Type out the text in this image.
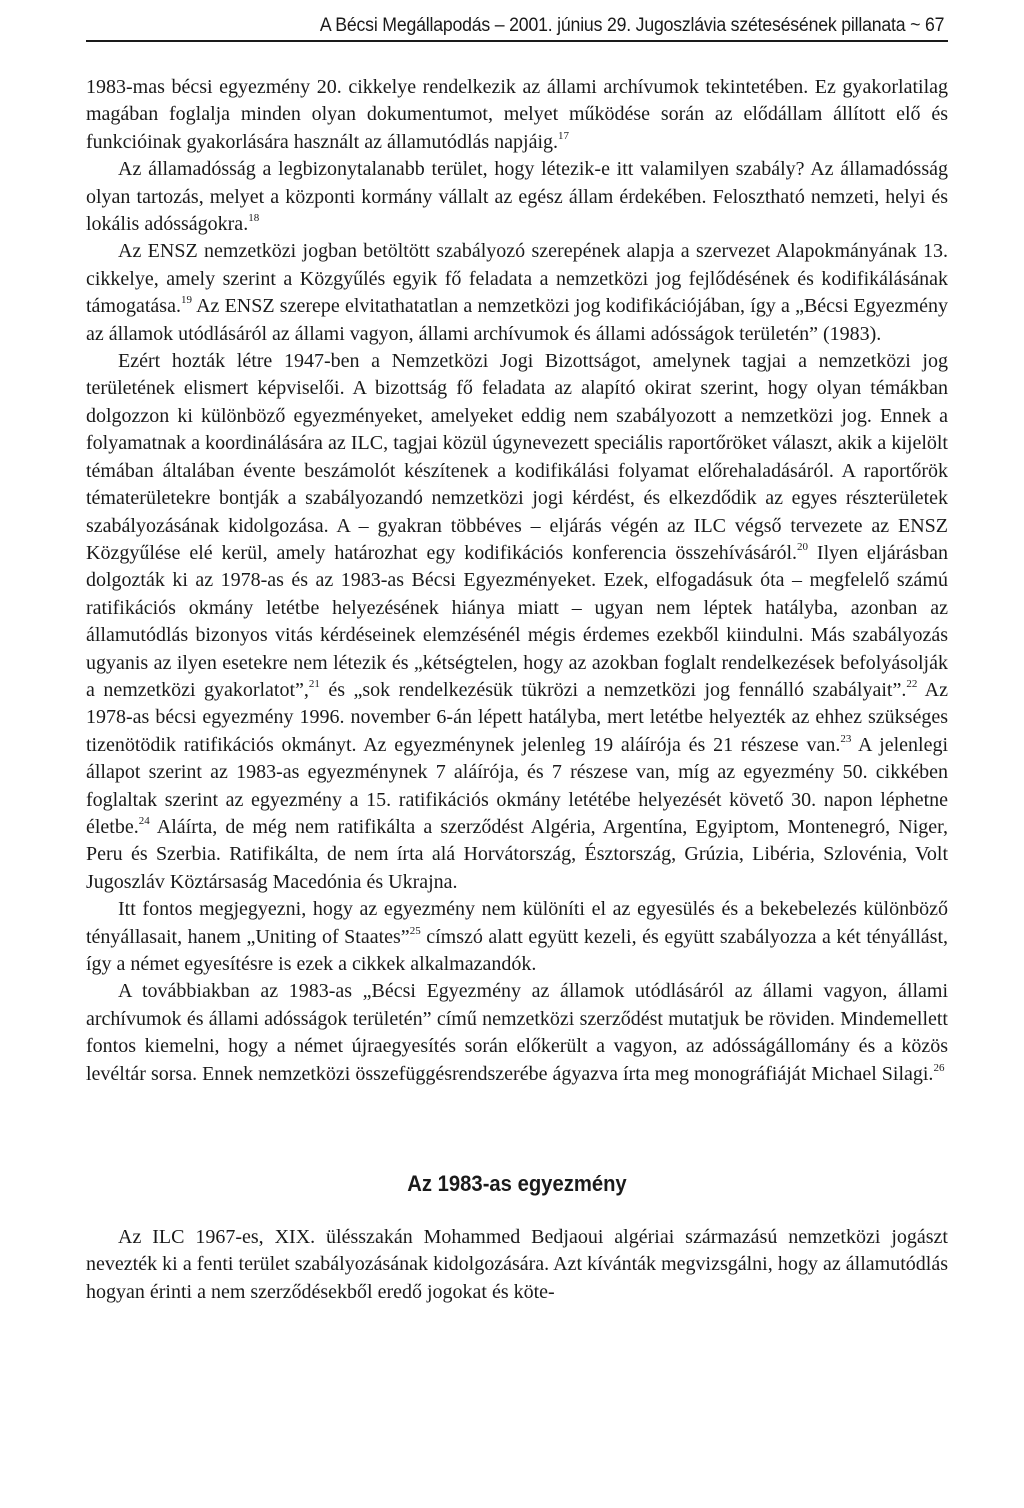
A Bécsi Megállapodás – 2001. június 29. Jugoszlávia szétesésének pillanata ~ 67

1983-mas bécsi egyezmény 20. cikkelye rendelkezik az állami archívumok tekintetében. Ez gyakorlatilag magában foglalja minden olyan dokumentumot, melyet működése során az elődállam állított elő és funkcióinak gyakorlására használt az államutódlás napjáig.$^{17}$

Az államadósság a legbizonytalanabb terület, hogy létezik-e itt valamilyen szabály? Az államadósság olyan tartozás, melyet a központi kormány vállalt az egész állam érdekében. Felosztható nemzeti, helyi és lokális adósságokra.$^{18}$

Az ENSZ nemzetközi jogban betöltött szabályozó szerepének alapja a szervezet Alapokmányának 13. cikkelye, amely szerint a Közgyűlés egyik fő feladata a nemzetközi jog fejlődésének és kodifikálásának támogatása.$^{19}$ Az ENSZ szerepe elvitathatatlan a nemzetközi jog kodifikációjában, így a „Bécsi Egyezmény az államok utódlásáról az állami vagyon, állami archívumok és állami adósságok területén” (1983).

Ezért hozták létre 1947-ben a Nemzetközi Jogi Bizottságot, amelynek tagjai a nemzetközi jog területének elismert képviselői. A bizottság fő feladata az alapító okirat szerint, hogy olyan témákban dolgozzon ki különböző egyezményeket, amelyeket eddig nem szabályozott a nemzetközi jog. Ennek a folyamatnak a koordinálására az ILC, tagjai közül úgynevezett speciális raportőröket választ, akik a kijelölt témában általában évente beszámolót készítenek a kodifikálási folyamat előrehaladásáról. A raportőrök tématerületekre bontják a szabályozandó nemzetközi jogi kérdést, és elkezdődik az egyes részterületek szabályozásának kidolgozása. A – gyakran többéves – eljárás végén az ILC végső tervezete az ENSZ Közgyűlése elé kerül, amely határozhat egy kodifikációs konferencia összehívásáról.$^{20}$ Ilyen eljárásban dolgozták ki az 1978-as és az 1983-as Bécsi Egyezményeket. Ezek, elfogadásuk óta – megfelelő számú ratifikációs okmány letétbe helyezésének hiánya miatt – ugyan nem léptek hatályba, azonban az államutódlás bizonyos vitás kérdéseinek elemzésénél mégis érdemes ezekből kiindulni. Más szabályozás ugyanis az ilyen esetekre nem létezik és „kétségtelen, hogy az azokban foglalt rendelkezések befolyásolják a nemzetközi gyakorlatot”,$^{21}$ és „sok rendelkezésük tükrözi a nemzetközi jog fennálló szabályait”.$^{22}$ Az 1978-as bécsi egyezmény 1996. november 6-án lépett hatályba, mert letétbe helyezték az ehhez szükséges tizenötödik ratifikációs okmányt. Az egyezménynek jelenleg 19 aláírója és 21 részese van.$^{23}$ A jelenlegi állapot szerint az 1983-as egyezménynek 7 aláírója, és 7 részese van, míg az egyezmény 50. cikkében foglaltak szerint az egyezmény a 15. ratifikációs okmány letétébe helyezését követő 30. napon léphetne életbe.$^{24}$ Aláírta, de még nem ratifikálta a szerződést Algéria, Argentína, Egyiptom, Montenegró, Niger, Peru és Szerbia. Ratifikálta, de nem írta alá Horvátország, Észtország, Grúzia, Libéria, Szlovénia, Volt Jugoszláv Köztársaság Macedónia és Ukrajna.

Itt fontos megjegyezni, hogy az egyezmény nem különíti el az egyesülés és a bekebelezés különböző tényállasait, hanem „Uniting of Staates”$^{25}$ címszó alatt együtt kezeli, és együtt szabályozza a két tényállást, így a német egyesítésre is ezek a cikkek alkalmazandók.

A továbbiakban az 1983-as „Bécsi Egyezmény az államok utódlásáról az állami vagyon, állami archívumok és állami adósságok területén” című nemzetközi szerződést mutatjuk be röviden. Mindemellett fontos kiemelni, hogy a német újraegyesítés során előkerült a vagyon, az adósságállomány és a közös levéltár sorsa. Ennek nemzetközi összefüggésrendszerébe ágyazva írta meg monográfiáját Michael Silagi.$^{26}$

Az 1983-as egyezmény

Az ILC 1967-es, XIX. ülésszakán Mohammed Bedjaoui algériai származású nemzetközi jogászt nevezték ki a fenti terület szabályozásának kidolgozására. Azt kívánták megvizsgálni, hogy az államutódlás hogyan érinti a nem szerződésekből eredő jogokat és köte-
